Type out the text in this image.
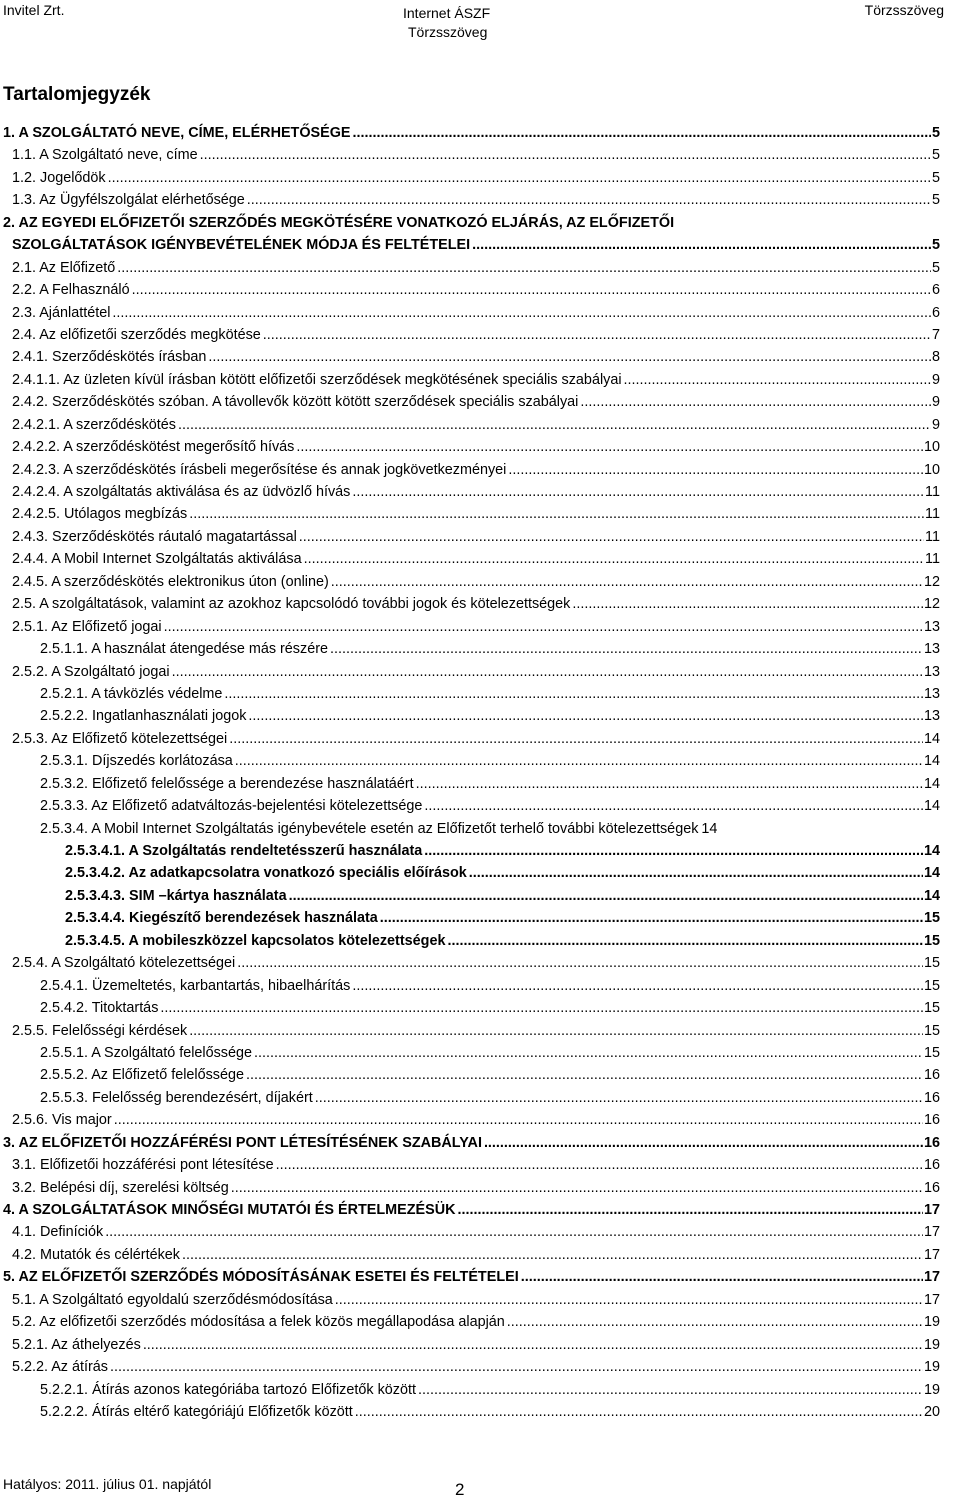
Invitel Zrt.	Internet ÁSZF
Törzsszöveg
Törzsszöveg
Tartalomjegyzék
1. A SZOLGÁLTATÓ NEVE, CÍME, ELÉRHETŐSÉGE .....	5
1.1. A Szolgáltató neve, címe .....	5
1.2. Jogelődök .....	5
1.3. Az Ügyfélszolgálat elérhetősége .....	5
2. AZ EGYEDI ELŐFIZETŐI SZERZŐDÉS MEGKÖTÉSÉRE VONATKOZÓ ELJÁRÁS, AZ ELŐFIZETŐI
SZOLGÁLTATÁSOK IGÉNYBEVÉTELÉNEK MÓDJA ÉS FELTÉTELEI .....	5
2.1. Az Előfizető .....	5
2.2. A Felhasználó .....	6
2.3. Ajánlattétel .....	6
2.4. Az előfizetői szerződés megkötése .....	7
2.4.1. Szerződéskötés írásban .....	8
2.4.1.1. Az üzleten kívül írásban kötött előfizetői szerződések megkötésének speciális szabályai .....	9
2.4.2. Szerződéskötés szóban. A távollevők között kötött szerződések speciális szabályai .....	9
2.4.2.1. A szerződéskötés .....	9
2.4.2.2. A szerződéskötést megerősítő hívás .....	10
2.4.2.3. A szerződéskötés írásbeli megerősítése és annak jogkövetkezményei .....	10
2.4.2.4. A szolgáltatás aktiválása és az üdvözlő hívás .....	11
2.4.2.5. Utólagos megbízás .....	11
2.4.3. Szerződéskötés ráutaló magatartással .....	11
2.4.4. A Mobil Internet Szolgáltatás aktiválása .....	11
2.4.5. A szerződéskötés elektronikus úton (online) .....	12
2.5. A szolgáltatások, valamint az azokhoz kapcsolódó további jogok és kötelezettségek .....	12
2.5.1. Az Előfizető jogai .....	13
2.5.1.1. A használat átengedése más részére .....	13
2.5.2. A Szolgáltató jogai .....	13
2.5.2.1. A távközlés védelme .....	13
2.5.2.2. Ingatlanhasználati jogok .....	13
2.5.3. Az Előfizető kötelezettségei .....	14
2.5.3.1. Díjszedés korlátozása .....	14
2.5.3.2. Előfizető felelőssége a berendezése használatáért .....	14
2.5.3.3. Az Előfizető adatváltozás-bejelentési kötelezettsége .....	14
2.5.3.4. A Mobil Internet Szolgáltatás igénybevétele esetén az Előfizetőt terhelő további kötelezettségek 14
2.5.3.4.1. A Szolgáltatás rendeltetésszerű használata .....	14
2.5.3.4.2. Az adatkapcsolatra vonatkozó speciális előírások .....	14
2.5.3.4.3. SIM –kártya használata .....	14
2.5.3.4.4. Kiegészítő berendezések használata .....	15
2.5.3.4.5. A mobileszközzel kapcsolatos kötelezettségek .....	15
2.5.4. A Szolgáltató kötelezettségei .....	15
2.5.4.1. Üzemeltetés, karbantartás, hibaelhárítás .....	15
2.5.4.2. Titoktartás .....	15
2.5.5. Felelősségi kérdések .....	15
2.5.5.1. A Szolgáltató felelőssége .....	15
2.5.5.2. Az Előfizető felelőssége .....	16
2.5.5.3. Felelősség berendezésért, díjakért .....	16
2.5.6. Vis major .....	16
3. AZ ELŐFIZETŐI HOZZÁFÉRÉSI PONT LÉTESÍTÉSÉNEK SZABÁLYAI .....	16
3.1. Előfizetői hozzáférési pont létesítése .....	16
3.2. Belépési díj, szerelési költség .....	16
4. A SZOLGÁLTATÁSOK MINŐSÉGI MUTATÓI ÉS ÉRTELMEZÉSÜK .....	17
4.1. Definíciók .....	17
4.2. Mutatók és célértékek .....	17
5. AZ ELŐFIZETŐI SZERZŐDÉS MÓDOSÍTÁSÁNAK ESETEI ÉS FELTÉTELEI .....	17
5.1. A Szolgáltató egyoldalú szerződésmódosítása .....	17
5.2. Az előfizetői szerződés módosítása a felek közös megállapodása alapján .....	19
5.2.1. Az áthelyezés .....	19
5.2.2. Az átírás .....	19
5.2.2.1. Átírás azonos kategóriába tartozó Előfizetők között .....	19
5.2.2.2. Átírás eltérő kategóriájú Előfizetők között .....	20
Hatályos: 2011. július 01. napjától	2
